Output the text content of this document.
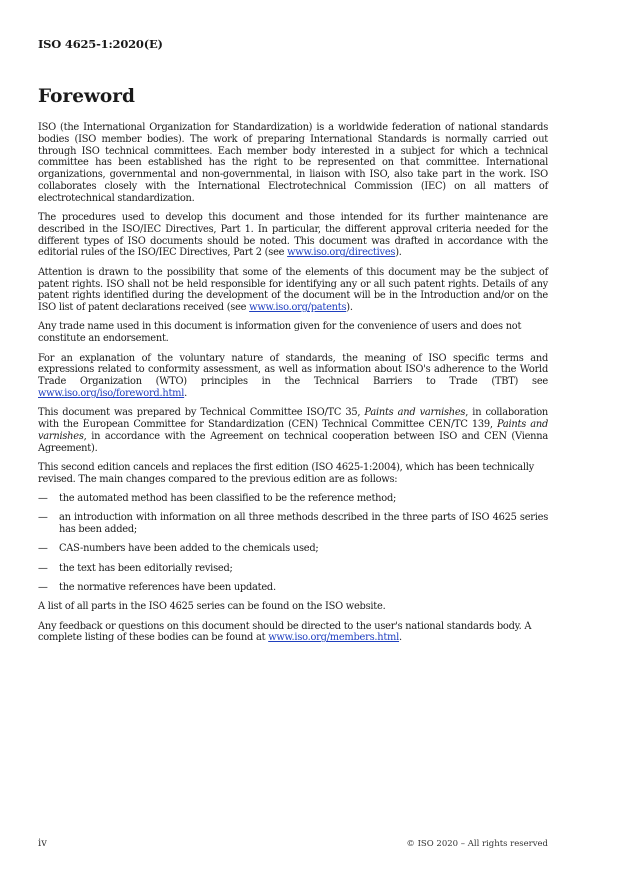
ISO 4625-1:2020(E)
Foreword

ISO (the International Organization for Standardization) is a worldwide federation of national standards bodies (ISO member bodies). The work of preparing International Standards is normally carried out through ISO technical committees. Each member body interested in a subject for which a technical committee has been established has the right to be represented on that committee. International organizations, governmental and non-governmental, in liaison with ISO, also take part in the work. ISO collaborates closely with the International Electrotechnical Commission (IEC) on all matters of electrotechnical standardization.

The procedures used to develop this document and those intended for its further maintenance are described in the ISO/IEC Directives, Part 1. In particular, the different approval criteria needed for the different types of ISO documents should be noted. This document was drafted in accordance with the editorial rules of the ISO/IEC Directives, Part 2 (see www.iso.org/directives).

Attention is drawn to the possibility that some of the elements of this document may be the subject of patent rights. ISO shall not be held responsible for identifying any or all such patent rights. Details of any patent rights identified during the development of the document will be in the Introduction and/or on the ISO list of patent declarations received (see www.iso.org/patents).

Any trade name used in this document is information given for the convenience of users and does not constitute an endorsement.

For an explanation of the voluntary nature of standards, the meaning of ISO specific terms and expressions related to conformity assessment, as well as information about ISO's adherence to the World Trade Organization (WTO) principles in the Technical Barriers to Trade (TBT) see www.iso.org/iso/foreword.html.

This document was prepared by Technical Committee ISO/TC 35, Paints and varnishes, in collaboration with the European Committee for Standardization (CEN) Technical Committee CEN/TC 139, Paints and varnishes, in accordance with the Agreement on technical cooperation between ISO and CEN (Vienna Agreement).

This second edition cancels and replaces the first edition (ISO 4625-1:2004), which has been technically revised. The main changes compared to the previous edition are as follows:

— the automated method has been classified to be the reference method;
— an introduction with information on all three methods described in the three parts of ISO 4625 series has been added;
— CAS-numbers have been added to the chemicals used;
— the text has been editorially revised;
— the normative references have been updated.

A list of all parts in the ISO 4625 series can be found on the ISO website.

Any feedback or questions on this document should be directed to the user's national standards body. A complete listing of these bodies can be found at www.iso.org/members.html.

iv	© ISO 2020 – All rights reserved
